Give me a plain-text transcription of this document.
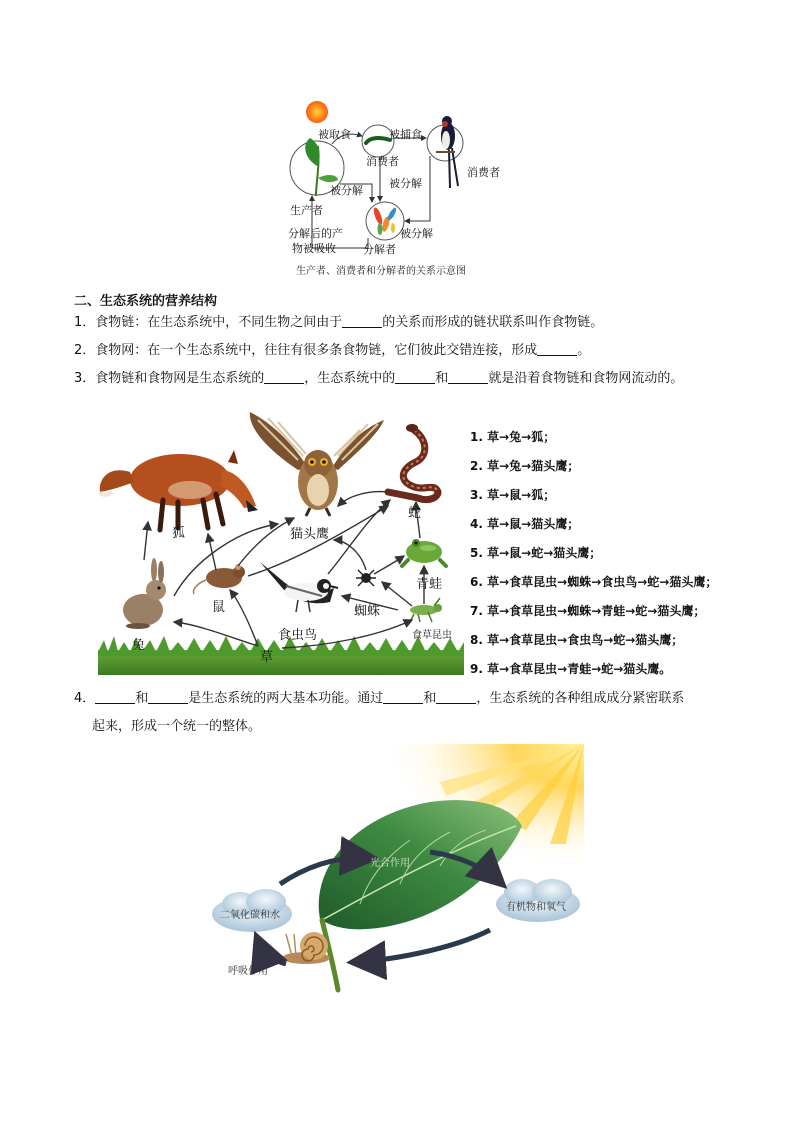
被取食	被捕食
消费者
消费者
被分解
被分解
生产者
被分解
分解后的产
物被吸收 分解者
生产者、消费者和分解者的关系示意图
二、生态系统的营养结构
1．食物链：在生态系统中，不同生物之间由于	的关系而形成的链状联系叫作食物链。
2．食物网：在一个生态系统中，往往有很多条食物链，它们彼此交错连接，形成	。
3．食物链和食物网是生态系统的	，生态系统中的	和	就是沿着食物链和食物网流动的。
狐	猫头鹰
蛇
青蛙
鼠	蜘蛛
兔
食虫鸟	食草昆虫
草
1. 草→兔→狐；
2. 草→兔→猫头鹰；
3. 草→鼠→狐；
4. 草→鼠→猫头鹰；
5. 草→鼠→蛇→猫头鹰；
6. 草→食草昆虫→蜘蛛→食虫鸟→蛇→猫头鹰；
7. 草→食草昆虫→蜘蛛→青蛙→蛇→猫头鹰；
8. 草→食草昆虫→食虫鸟→蛇→猫头鹰；
9. 草→食草昆虫→青蛙→蛇→猫头鹰。
4．	和	是生态系统的两大基本功能。通过	和	，生态系统的各种组成成分紧密联系
起来，形成一个统一的整体。
光合作用
有机物和氧气
二氧化碳和水
呼吸作用
